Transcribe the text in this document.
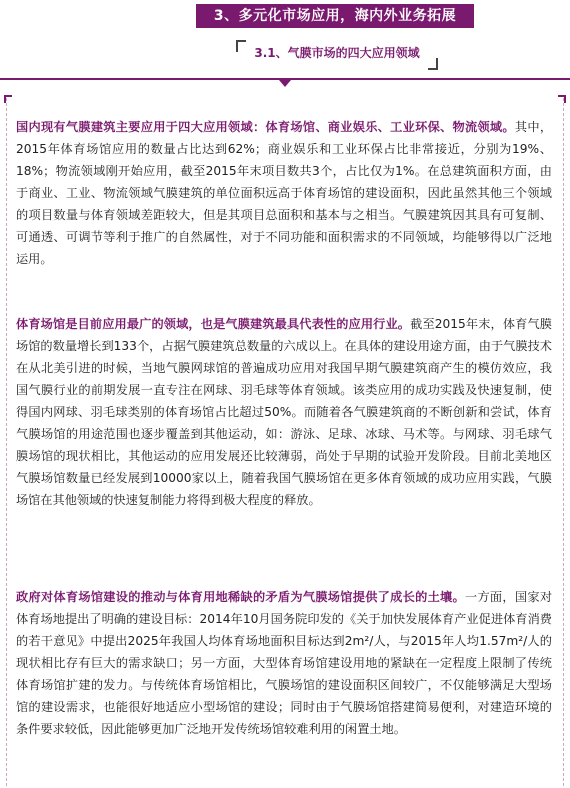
3、多元化市场应用，海内外业务拓展
3.1、气膜市场的四大应用领域

国内现有气膜建筑主要应用于四大应用领域：体育场馆、商业娱乐、工业环保、物流领域。其中，2015年体育场馆应用的数量占比达到62%；商业娱乐和工业环保占比非常接近，分别为19%、18%；物流领域刚开始应用，截至2015年末项目数共3个，占比仅为1%。在总建筑面积方面，由于商业、工业、物流领域气膜建筑的单位面积远高于体育场馆的建设面积，因此虽然其他三个领域的项目数量与体育领域差距较大，但是其项目总面积和基本与之相当。气膜建筑因其具有可复制、可通透、可调节等利于推广的自然属性，对于不同功能和面积需求的不同领域，均能够得以广泛地运用。

体育场馆是目前应用最广的领域，也是气膜建筑最具代表性的应用行业。截至2015年末，体育气膜场馆的数量增长到133个，占据气膜建筑总数量的六成以上。在具体的建设用途方面，由于气膜技术在从北美引进的时候，当地气膜网球馆的普遍成功应用对我国早期气膜建筑商产生的模仿效应，我国气膜行业的前期发展一直专注在网球、羽毛球等体育领域。该类应用的成功实践及快速复制，使得国内网球、羽毛球类别的体育场馆占比超过50%。而随着各气膜建筑商的不断创新和尝试，体育气膜场馆的用途范围也逐步覆盖到其他运动，如：游泳、足球、冰球、马术等。与网球、羽毛球气膜场馆的现状相比，其他运动的应用发展还比较薄弱，尚处于早期的试验开发阶段。目前北美地区气膜场馆数量已经发展到10000家以上，随着我国气膜场馆在更多体育领域的成功应用实践，气膜场馆在其他领域的快速复制能力将得到极大程度的释放。

政府对体育场馆建设的推动与体育用地稀缺的矛盾为气膜场馆提供了成长的土壤。一方面，国家对体育场地提出了明确的建设目标：2014年10月国务院印发的《关于加快发展体育产业促进体育消费的若干意见》中提出2025年我国人均体育场地面积目标达到2m²/人，与2015年人均1.57m²/人的现状相比存有巨大的需求缺口；另一方面，大型体育场馆建设用地的紧缺在一定程度上限制了传统体育场馆扩建的发力。与传统体育场馆相比，气膜场馆的建设面积区间较广，不仅能够满足大型场馆的建设需求，也能很好地适应小型场馆的建设；同时由于气膜场馆搭建简易便利，对建造环境的条件要求较低，因此能够更加广泛地开发传统场馆较难利用的闲置土地。
